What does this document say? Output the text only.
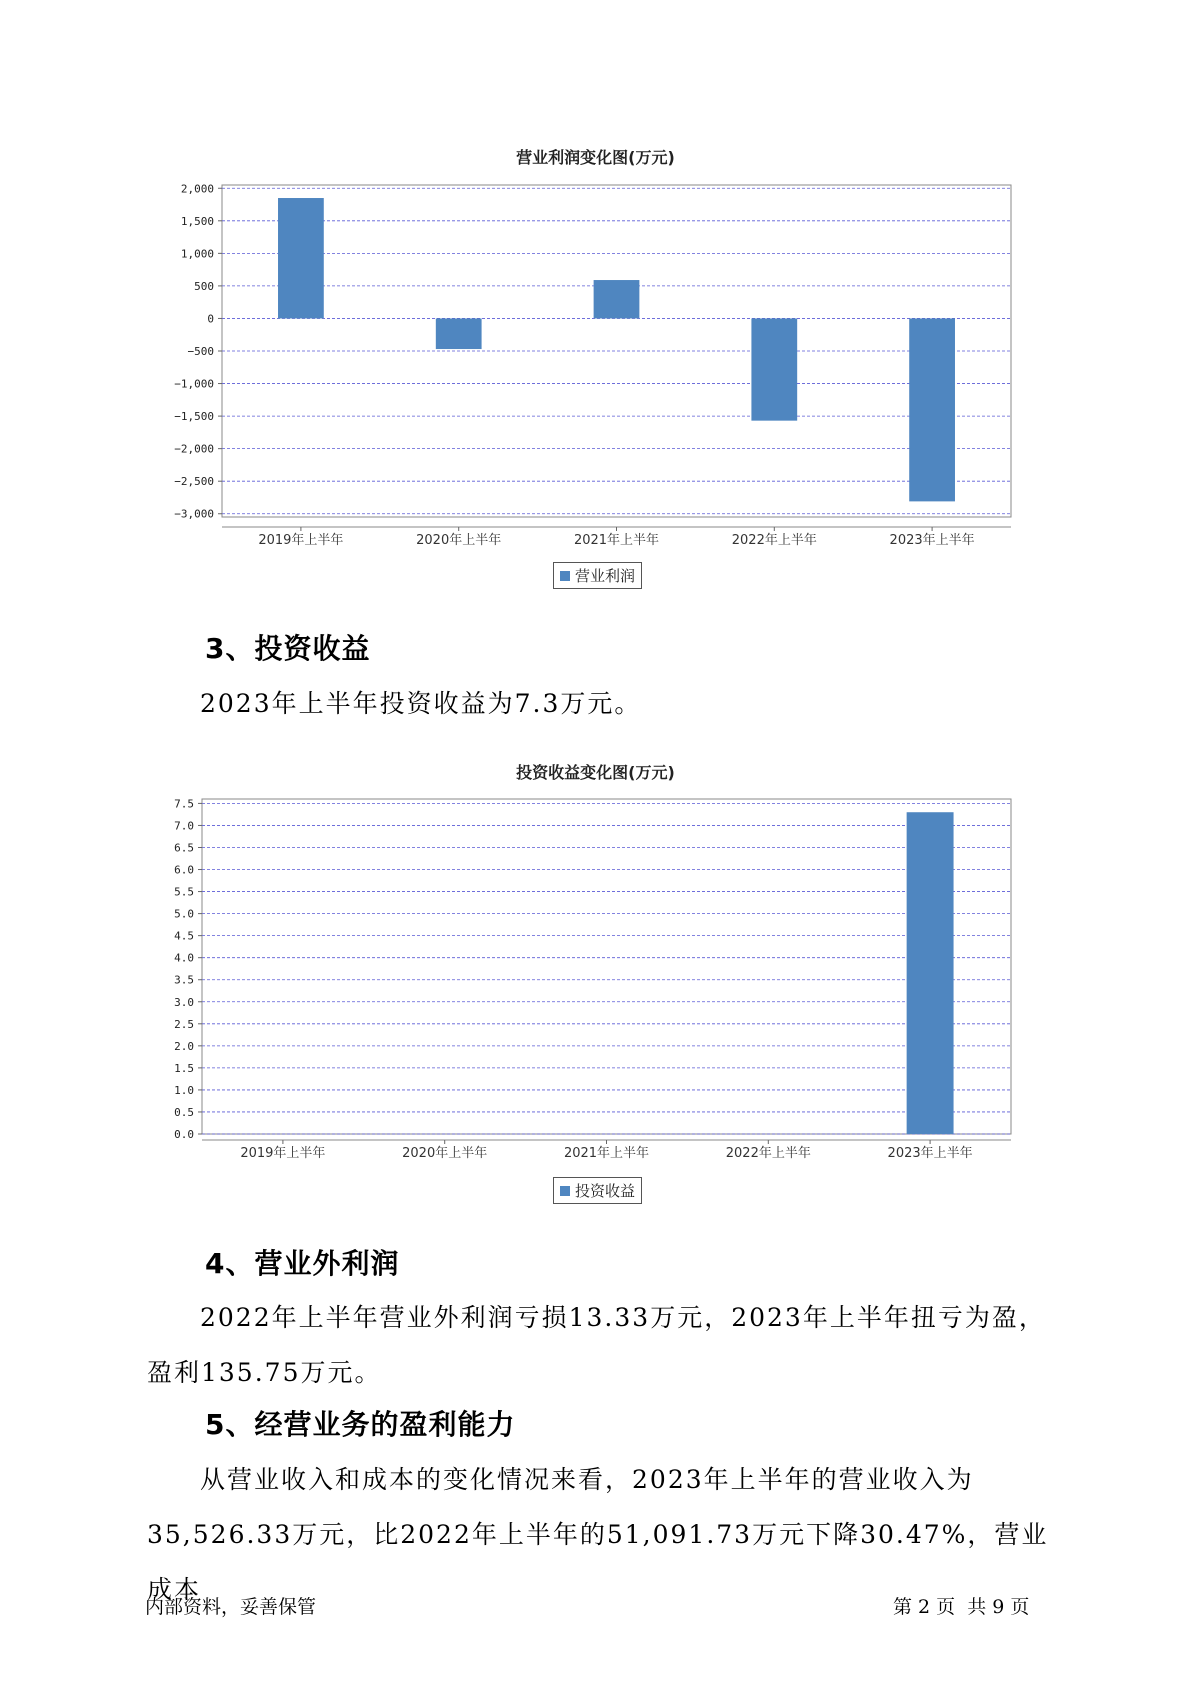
营业利润变化图(万元)
2,000
1,500
1,000
500
0
−500
−1,000
−1,500
−2,000
−2,500
−3,000
2019年上半年	2020年上半年	2021年上半年	2022年上半年	2023年上半年
营业利润
3、投资收益

2023年上半年投资收益为7.3万元。

投资收益变化图(万元)
7.5
7.0
6.5
6.0
5.5
5.0
4.5
4.0
3.5
3.0
2.5
2.0
1.5
1.0
0.5
0.0
2019年上半年	2020年上半年	2021年上半年	2022年上半年	2023年上半年
投资收益
4、营业外利润

2022年上半年营业外利润亏损13.33万元，2023年上半年扭亏为盈，盈利135.75万元。

5、经营业务的盈利能力

从营业收入和成本的变化情况来看，2023年上半年的营业收入为35,526.33万元，比2022年上半年的51,091.73万元下降30.47%，营业成本

内部资料，妥善保管	第 2 页  共 9 页
